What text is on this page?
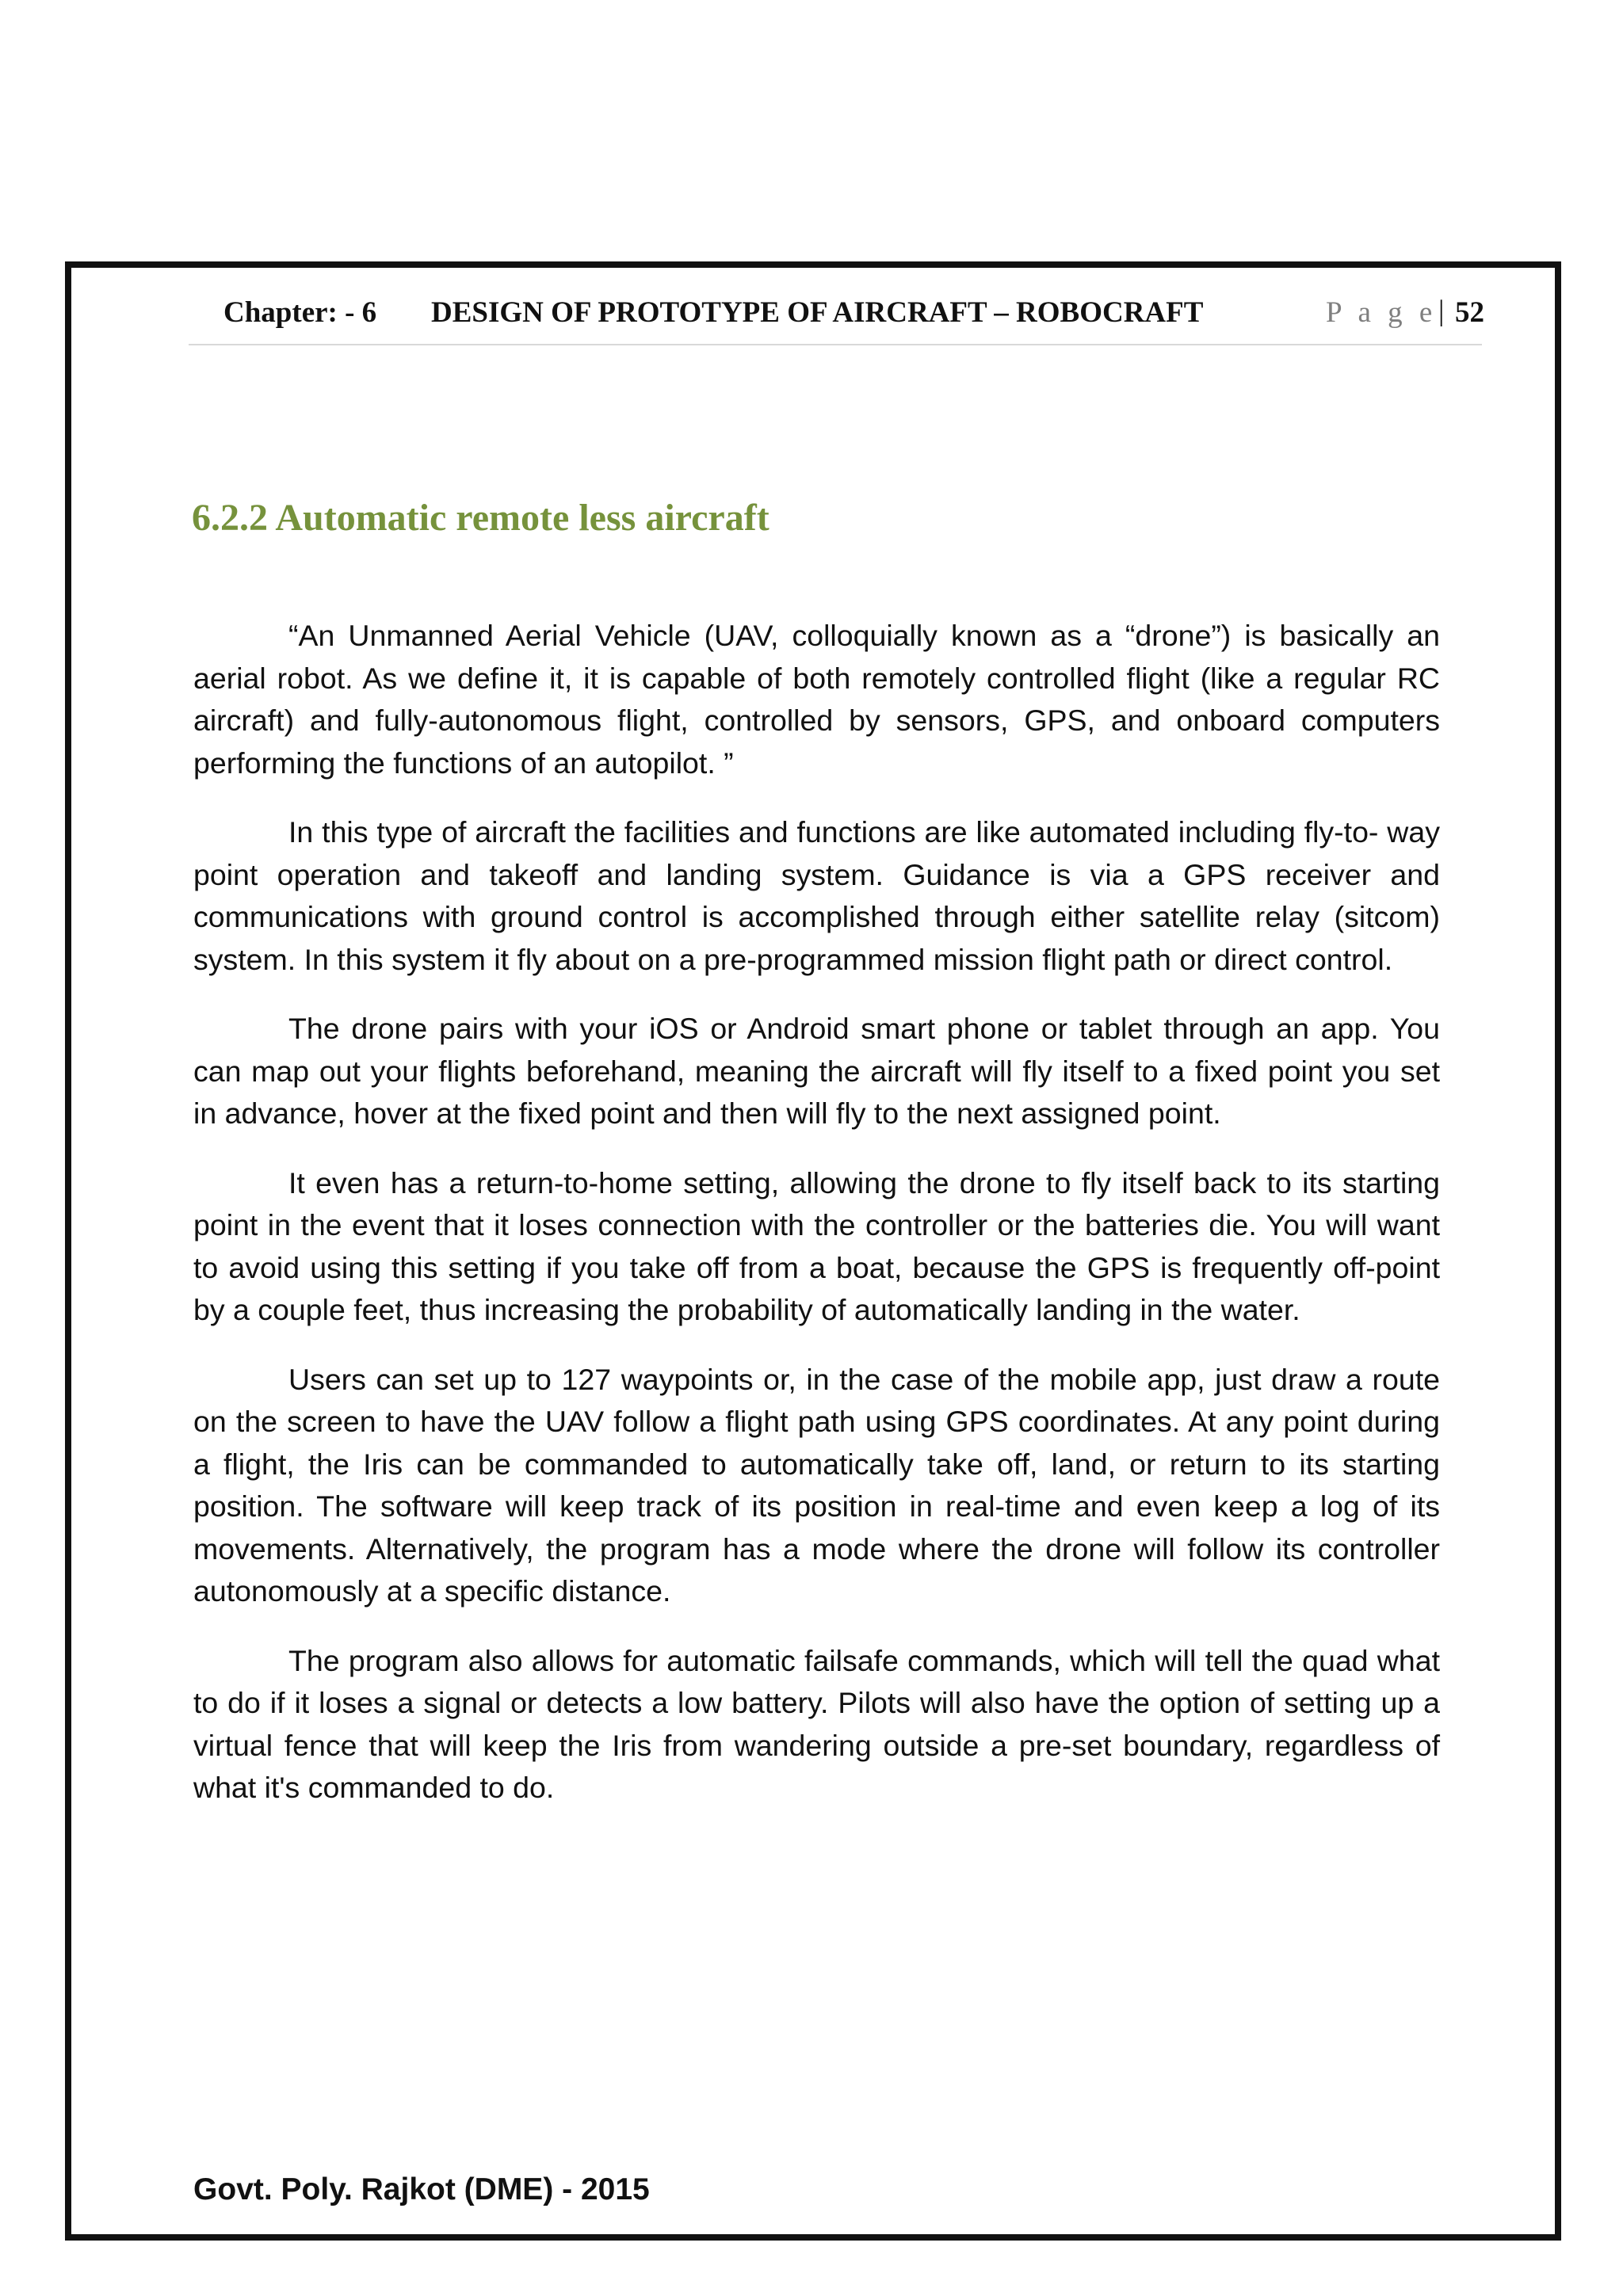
Chapter: - 6 DESIGN OF PROTOTYPE OF AIRCRAFT – ROBOCRAFT	P a g e | 52
6.2.2 Automatic remote less aircraft

“An Unmanned Aerial Vehicle (UAV, colloquially known as a “drone”) is basically an aerial robot. As we define it, it is capable of both remotely controlled flight (like a regular RC aircraft) and fully-autonomous flight, controlled by sensors, GPS, and onboard computers performing the functions of an autopilot. ”

In this type of aircraft the facilities and functions are like automated including fly-to- way point operation and takeoff and landing system. Guidance is via a GPS receiver and communications with ground control is accomplished through either satellite relay (sitcom) system. In this system it fly about on a pre-programmed mission flight path or direct control.

The drone pairs with your iOS or Android smart phone or tablet through an app. You can map out your flights beforehand, meaning the aircraft will fly itself to a fixed point you set in advance, hover at the fixed point and then will fly to the next assigned point.

It even has a return-to-home setting, allowing the drone to fly itself back to its starting point in the event that it loses connection with the controller or the batteries die. You will want to avoid using this setting if you take off from a boat, because the GPS is frequently off-point by a couple feet, thus increasing the probability of automatically landing in the water.

Users can set up to 127 waypoints or, in the case of the mobile app, just draw a route on the screen to have the UAV follow a flight path using GPS coordinates. At any point during a flight, the Iris can be commanded to automatically take off, land, or return to its starting position. The software will keep track of its position in real-time and even keep a log of its movements. Alternatively, the program has a mode where the drone will follow its controller autonomously at a specific distance.

The program also allows for automatic failsafe commands, which will tell the quad what to do if it loses a signal or detects a low battery. Pilots will also have the option of setting up a virtual fence that will keep the Iris from wandering outside a pre-set boundary, regardless of what it's commanded to do.

Govt. Poly. Rajkot (DME) - 2015
